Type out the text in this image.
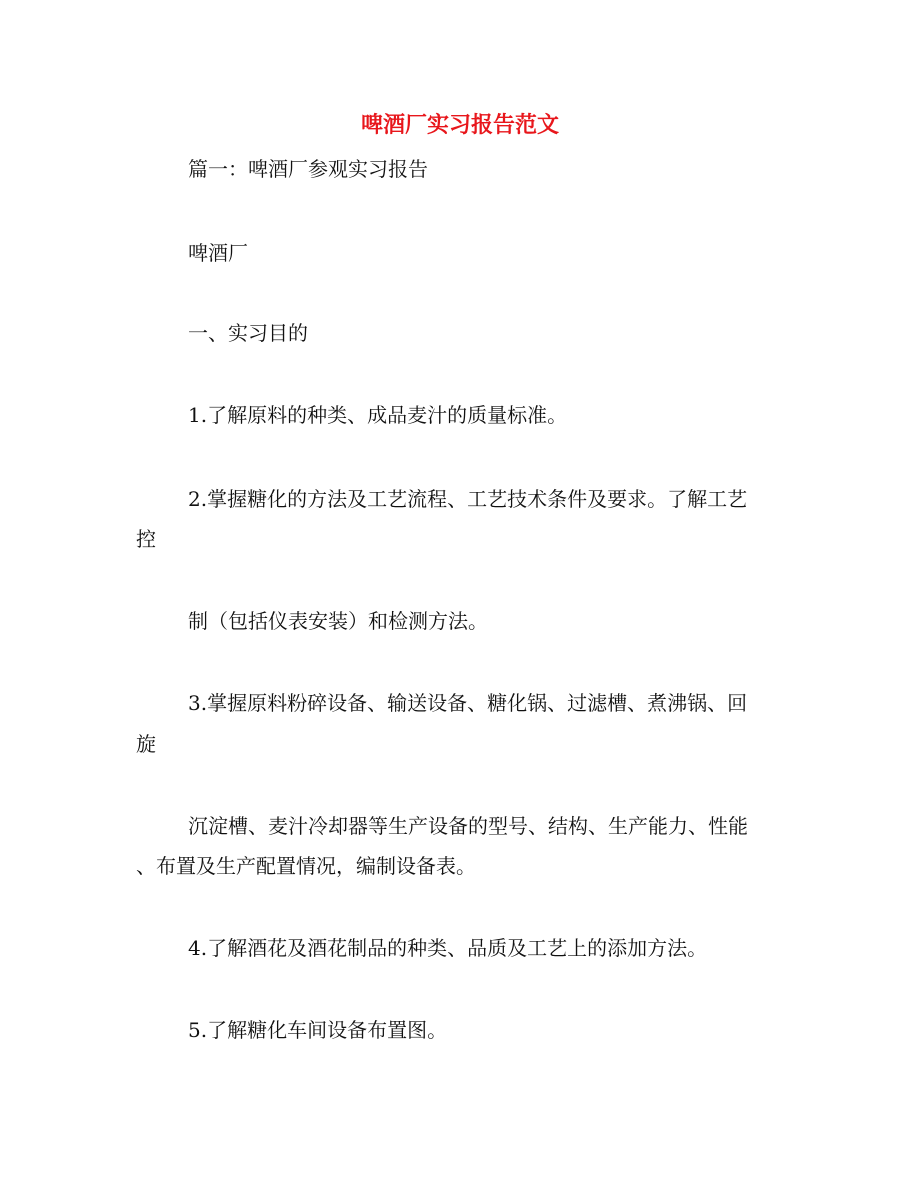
啤酒厂实习报告范文
篇一：啤酒厂参观实习报告
啤酒厂
一、实习目的
1.了解原料的种类、成品麦汁的质量标准。
2.掌握糖化的方法及工艺流程、工艺技术条件及要求。了解工艺
控
制（包括仪表安装）和检测方法。
3.掌握原料粉碎设备、输送设备、糖化锅、过滤槽、煮沸锅、回
旋
沉淀槽、麦汁冷却器等生产设备的型号、结构、生产能力、性能
、布置及生产配置情况，编制设备表。
4.了解酒花及酒花制品的种类、品质及工艺上的添加方法。
5.了解糖化车间设备布置图。
